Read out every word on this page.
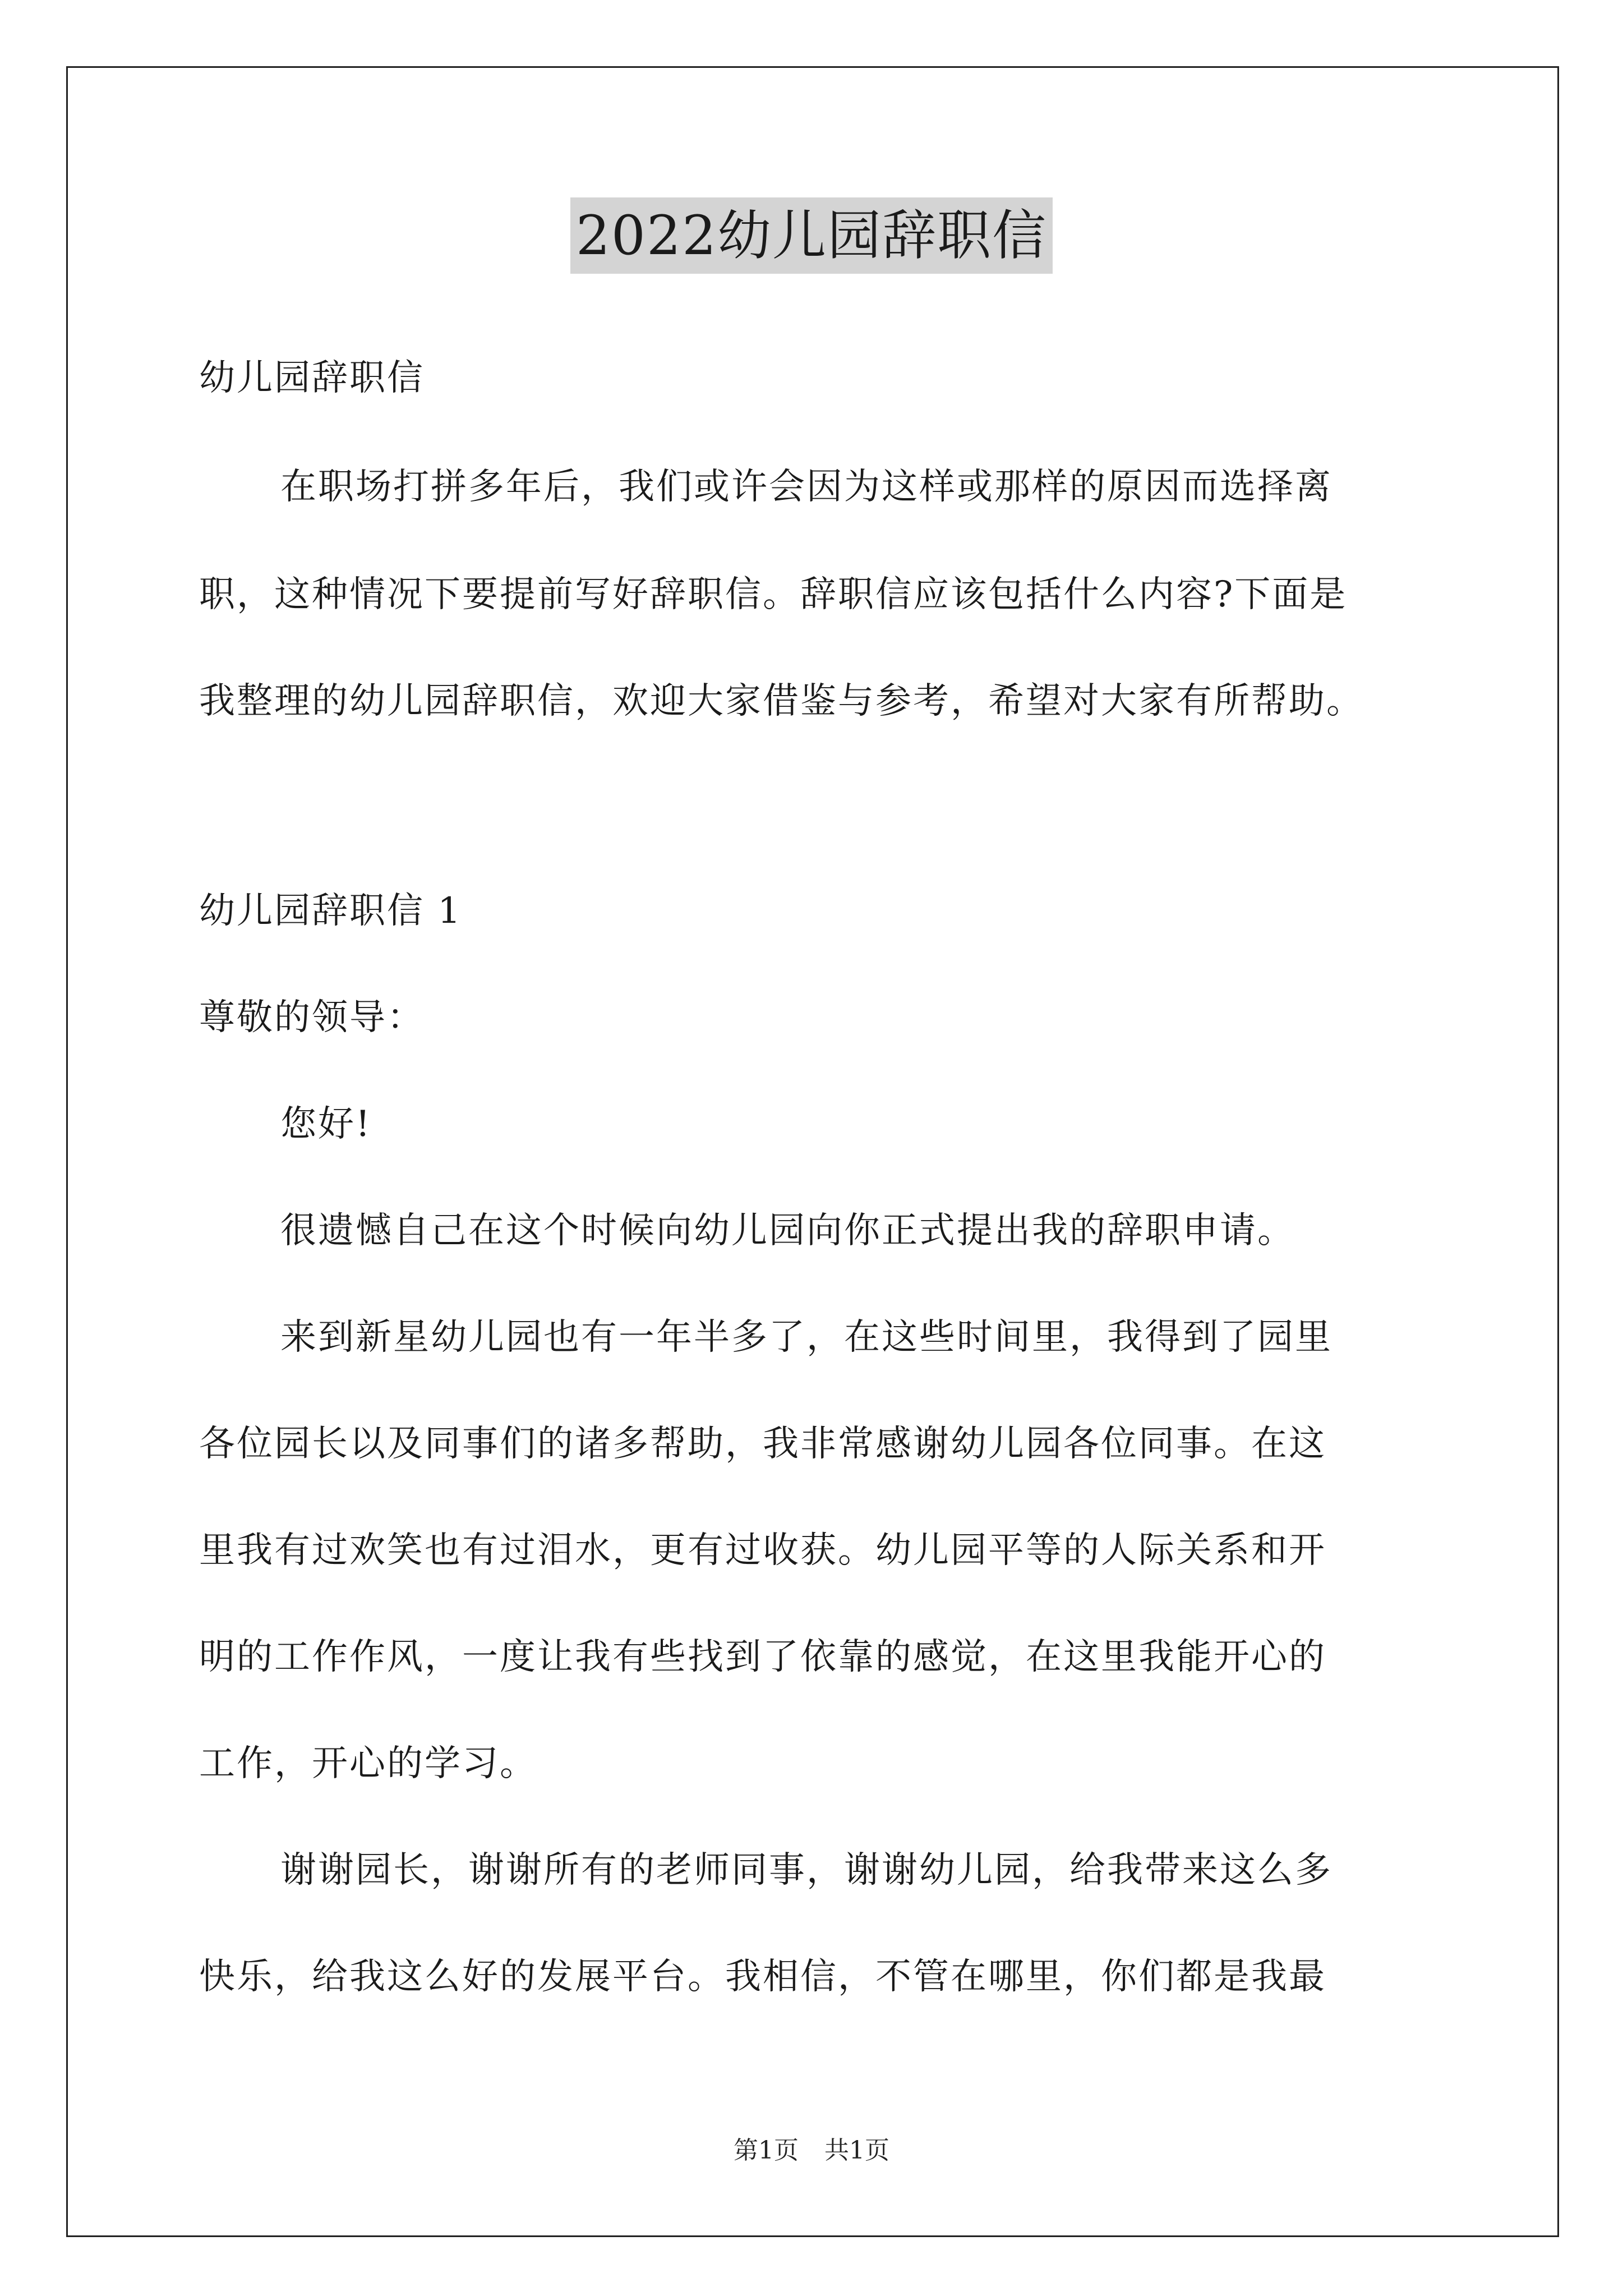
2022幼儿园辞职信
幼儿园辞职信
在职场打拼多年后，我们或许会因为这样或那样的原因而选择离
职，这种情况下要提前写好辞职信。辞职信应该包括什么内容?下面是
我整理的幼儿园辞职信，欢迎大家借鉴与参考，希望对大家有所帮助。
幼儿园辞职信 1
尊敬的领导：
您好!
很遗憾自己在这个时候向幼儿园向你正式提出我的辞职申请。
来到新星幼儿园也有一年半多了，在这些时间里，我得到了园里
各位园长以及同事们的诸多帮助，我非常感谢幼儿园各位同事。在这
里我有过欢笑也有过泪水，更有过收获。幼儿园平等的人际关系和开
明的工作作风，一度让我有些找到了依靠的感觉，在这里我能开心的
工作，开心的学习。
谢谢园长，谢谢所有的老师同事，谢谢幼儿园，给我带来这么多
快乐，给我这么好的发展平台。我相信，不管在哪里，你们都是我最
第1页 共1页
